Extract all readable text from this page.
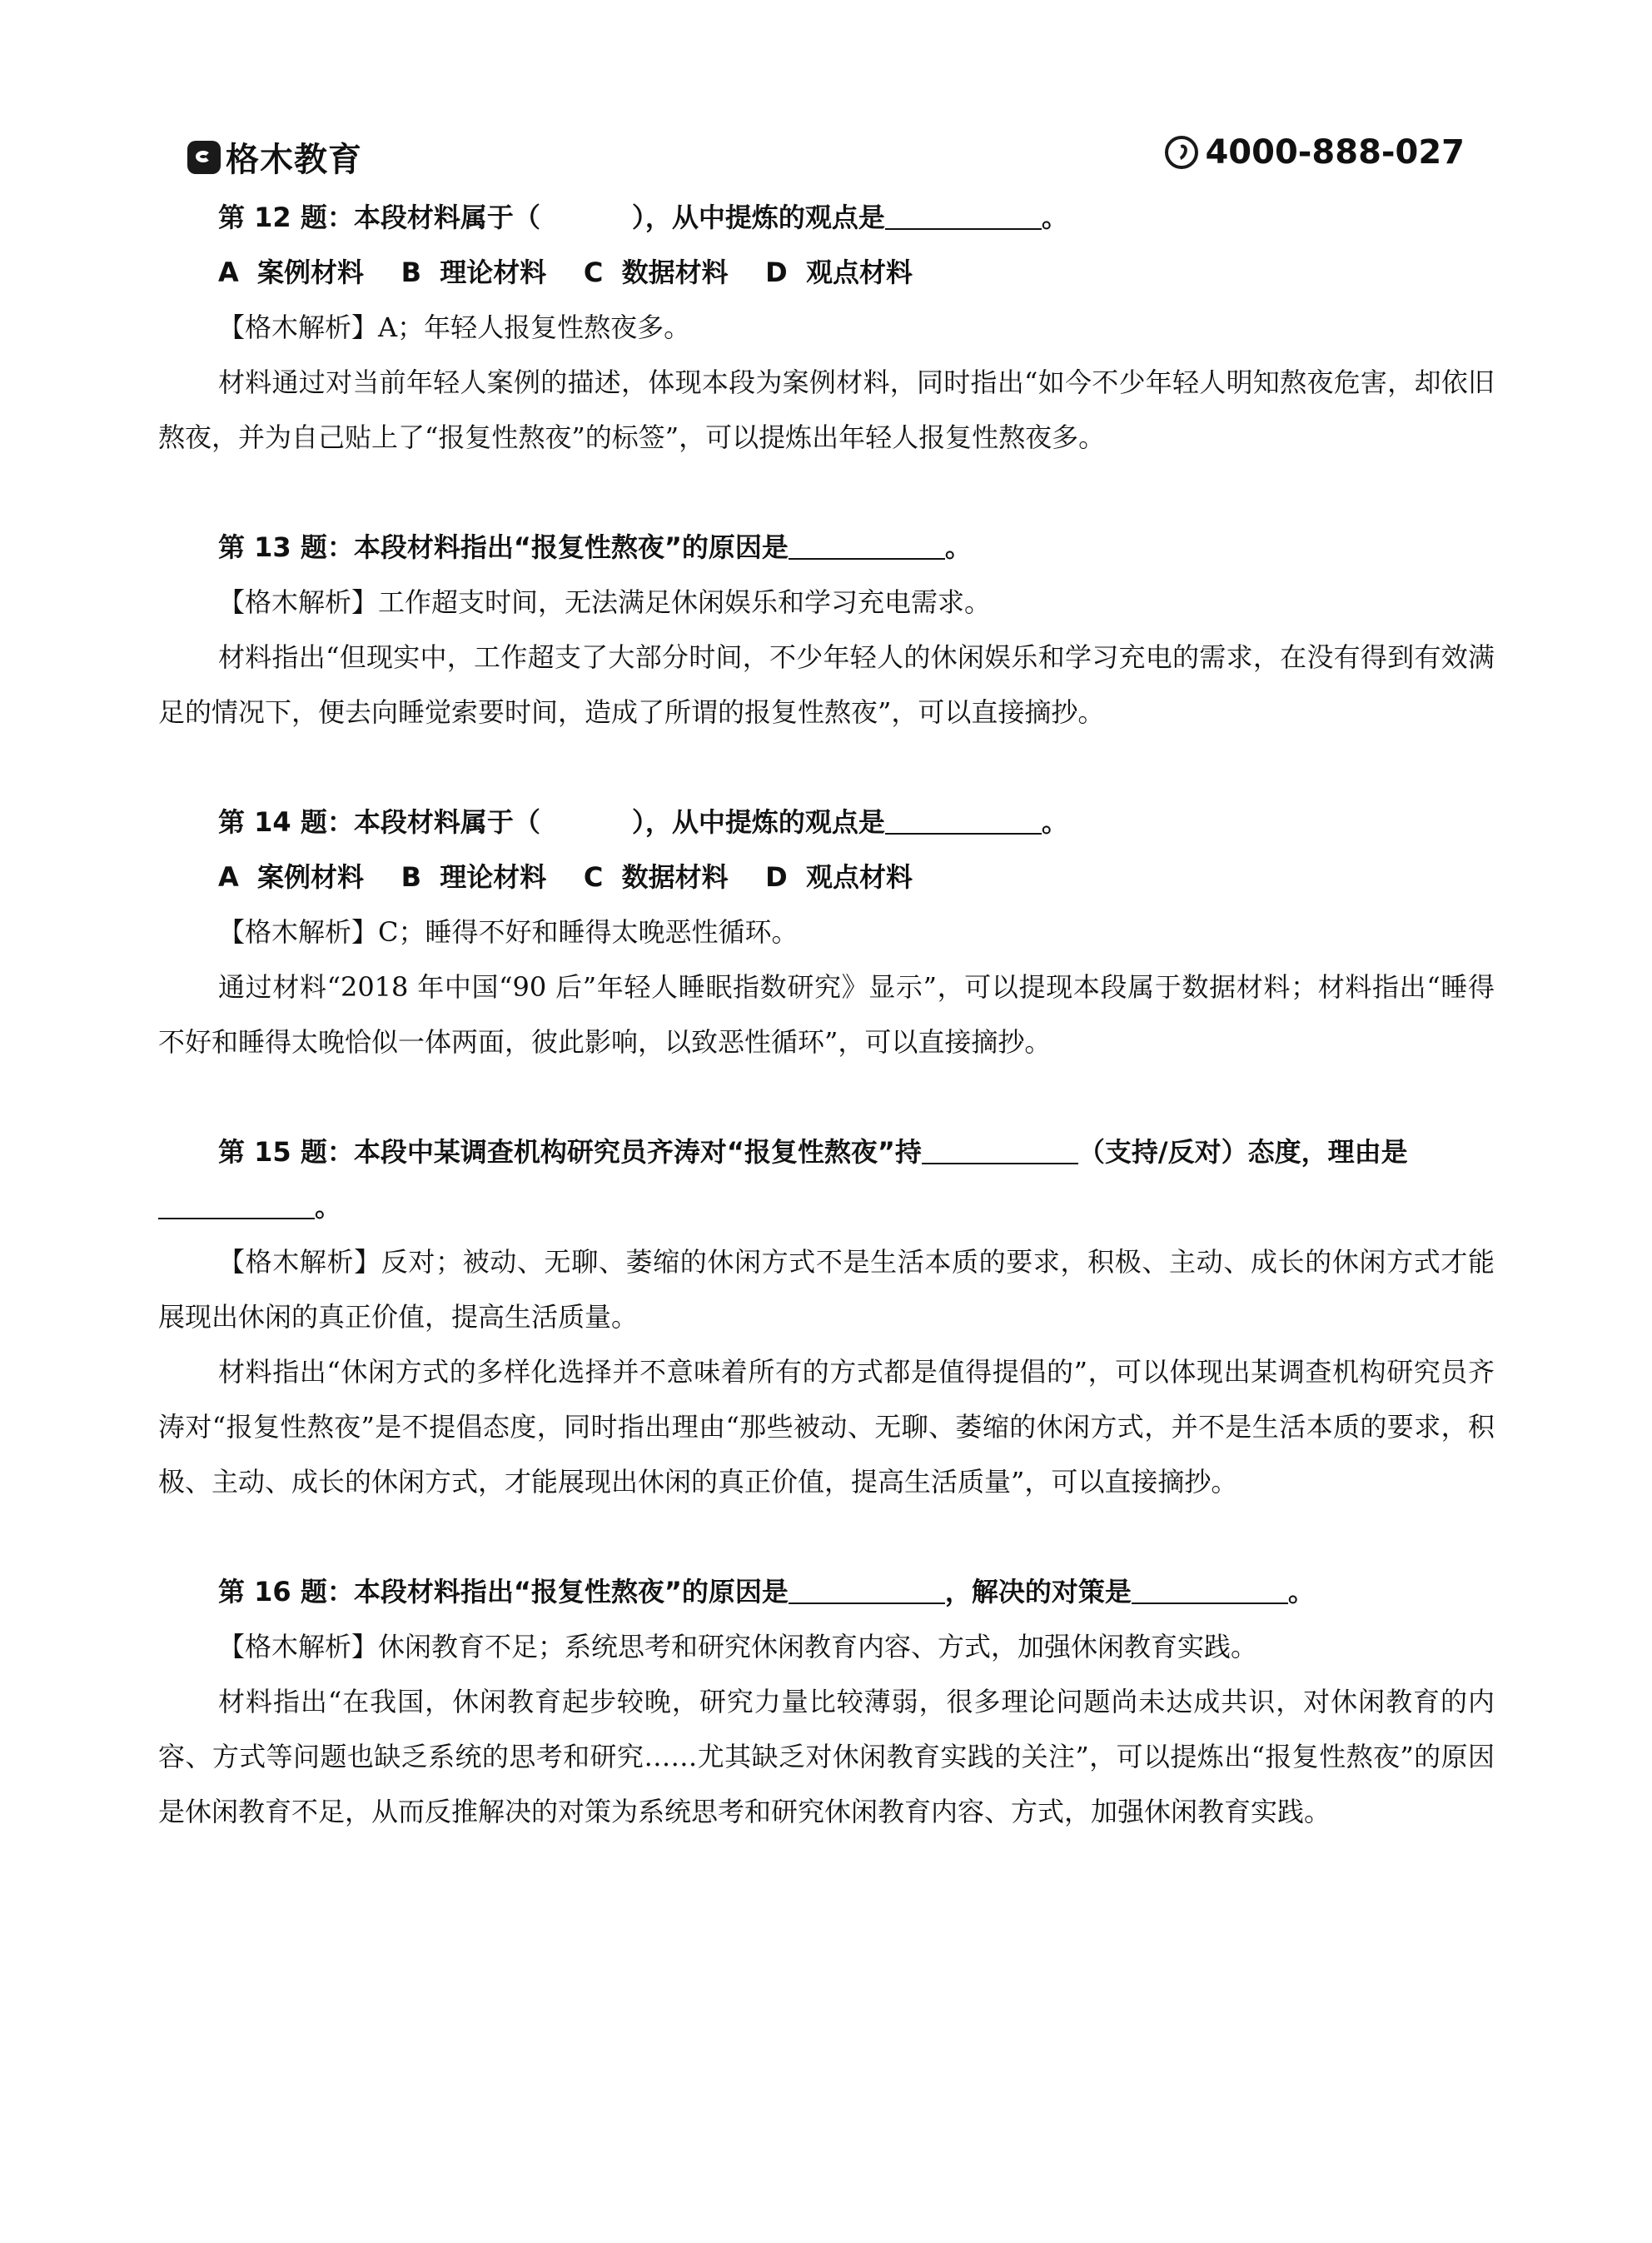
格木教育	4000-888-027

第 12 题：本段材料属于（	），从中提炼的观点是	。

A  案例材料    B  理论材料    C  数据材料    D  观点材料

【格木解析】A；年轻人报复性熬夜多。

材料通过对当前年轻人案例的描述，体现本段为案例材料，同时指出“如今不少年轻人明知熬夜危害，却依旧熬夜，并为自己贴上了“报复性熬夜”的标签”，可以提炼出年轻人报复性熬夜多。

第 13 题：本段材料指出“报复性熬夜”的原因是	。

【格木解析】工作超支时间，无法满足休闲娱乐和学习充电需求。

材料指出“但现实中，工作超支了大部分时间，不少年轻人的休闲娱乐和学习充电的需求，在没有得到有效满足的情况下，便去向睡觉索要时间，造成了所谓的报复性熬夜”，可以直接摘抄。

第 14 题：本段材料属于（	），从中提炼的观点是	。

A  案例材料    B  理论材料    C  数据材料    D  观点材料

【格木解析】C；睡得不好和睡得太晚恶性循环。

通过材料“2018 年中国“90 后”年轻人睡眠指数研究》显示”，可以提现本段属于数据材料；材料指出“睡得不好和睡得太晚恰似一体两面，彼此影响，以致恶性循环”，可以直接摘抄。

第 15 题：本段中某调查机构研究员齐涛对“报复性熬夜”持	（支持/反对）态度，理由是。

【格木解析】反对；被动、无聊、萎缩的休闲方式不是生活本质的要求，积极、主动、成长的休闲方式才能展现出休闲的真正价值，提高生活质量。

材料指出“休闲方式的多样化选择并不意味着所有的方式都是值得提倡的”，可以体现出某调查机构研究员齐涛对“报复性熬夜”是不提倡态度，同时指出理由“那些被动、无聊、萎缩的休闲方式，并不是生活本质的要求，积极、主动、成长的休闲方式，才能展现出休闲的真正价值，提高生活质量”，可以直接摘抄。

第 16 题：本段材料指出“报复性熬夜”的原因是	，解决的对策是	。

【格木解析】休闲教育不足；系统思考和研究休闲教育内容、方式，加强休闲教育实践。

材料指出“在我国，休闲教育起步较晚，研究力量比较薄弱，很多理论问题尚未达成共识，对休闲教育的内容、方式等问题也缺乏系统的思考和研究……尤其缺乏对休闲教育实践的关注”，可以提炼出“报复性熬夜”的原因是休闲教育不足，从而反推解决的对策为系统思考和研究休闲教育内容、方式，加强休闲教育实践。
